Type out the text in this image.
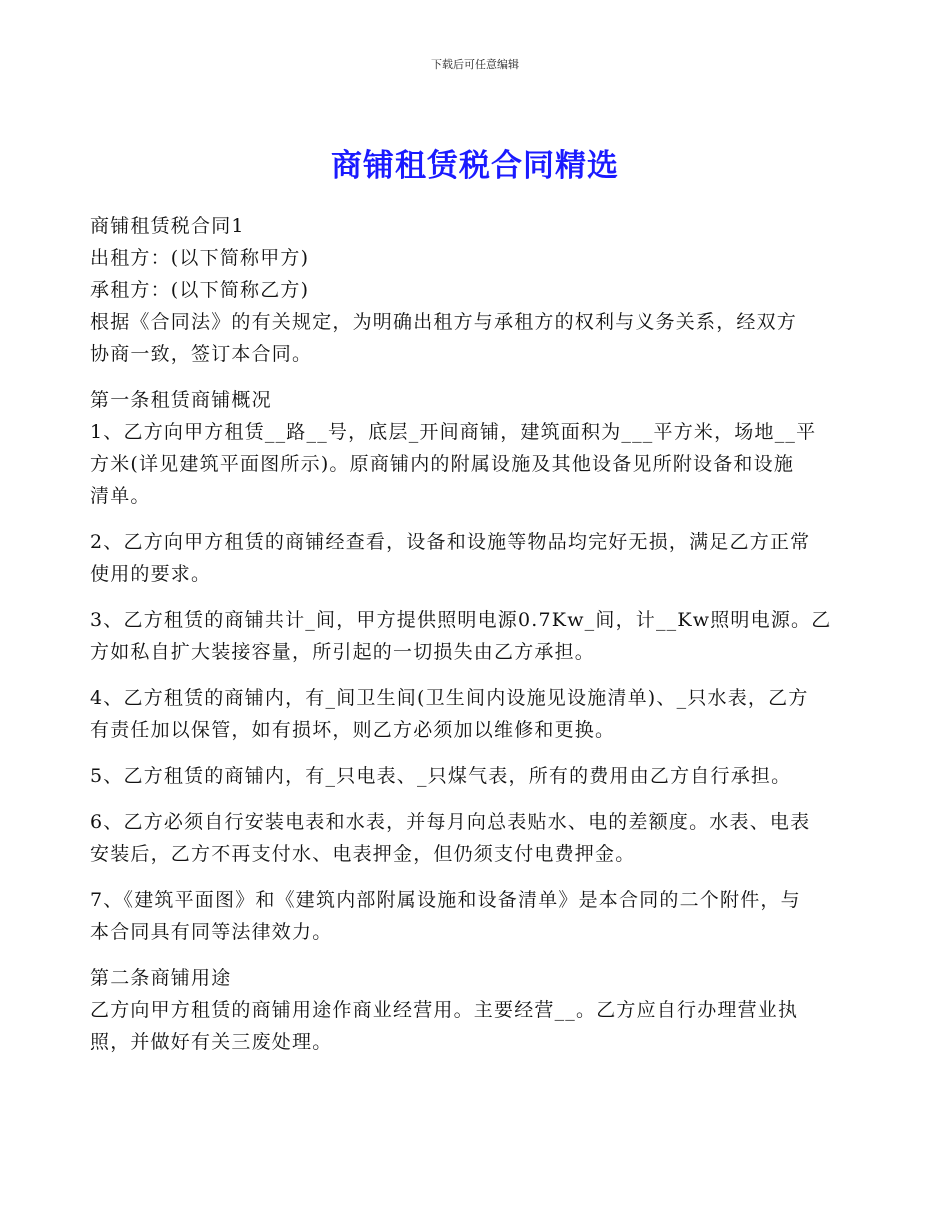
下载后可任意编辑
商铺租赁税合同精选
商铺租赁税合同1
出租方：(以下简称甲方)
承租方：(以下简称乙方)
根据《合同法》的有关规定，为明确出租方与承租方的权利与义务关系，经双方
协商一致，签订本合同。
第一条租赁商铺概况
1、乙方向甲方租赁__路__号，底层_开间商铺，建筑面积为___平方米，场地__平
方米(详见建筑平面图所示)。原商铺内的附属设施及其他设备见所附设备和设施
清单。
2、乙方向甲方租赁的商铺经查看，设备和设施等物品均完好无损，满足乙方正常
使用的要求。
3、乙方租赁的商铺共计_间，甲方提供照明电源0.7Kw_间，计__Kw照明电源。乙
方如私自扩大装接容量，所引起的一切损失由乙方承担。
4、乙方租赁的商铺内，有_间卫生间(卫生间内设施见设施清单)、_只水表，乙方
有责任加以保管，如有损坏，则乙方必须加以维修和更换。
5、乙方租赁的商铺内，有_只电表、_只煤气表，所有的费用由乙方自行承担。
6、乙方必须自行安装电表和水表，并每月向总表贴水、电的差额度。水表、电表
安装后，乙方不再支付水、电表押金，但仍须支付电费押金。
7、《建筑平面图》和《建筑内部附属设施和设备清单》是本合同的二个附件，与
本合同具有同等法律效力。
第二条商铺用途
乙方向甲方租赁的商铺用途作商业经营用。主要经营__。乙方应自行办理营业执
照，并做好有关三废处理。
